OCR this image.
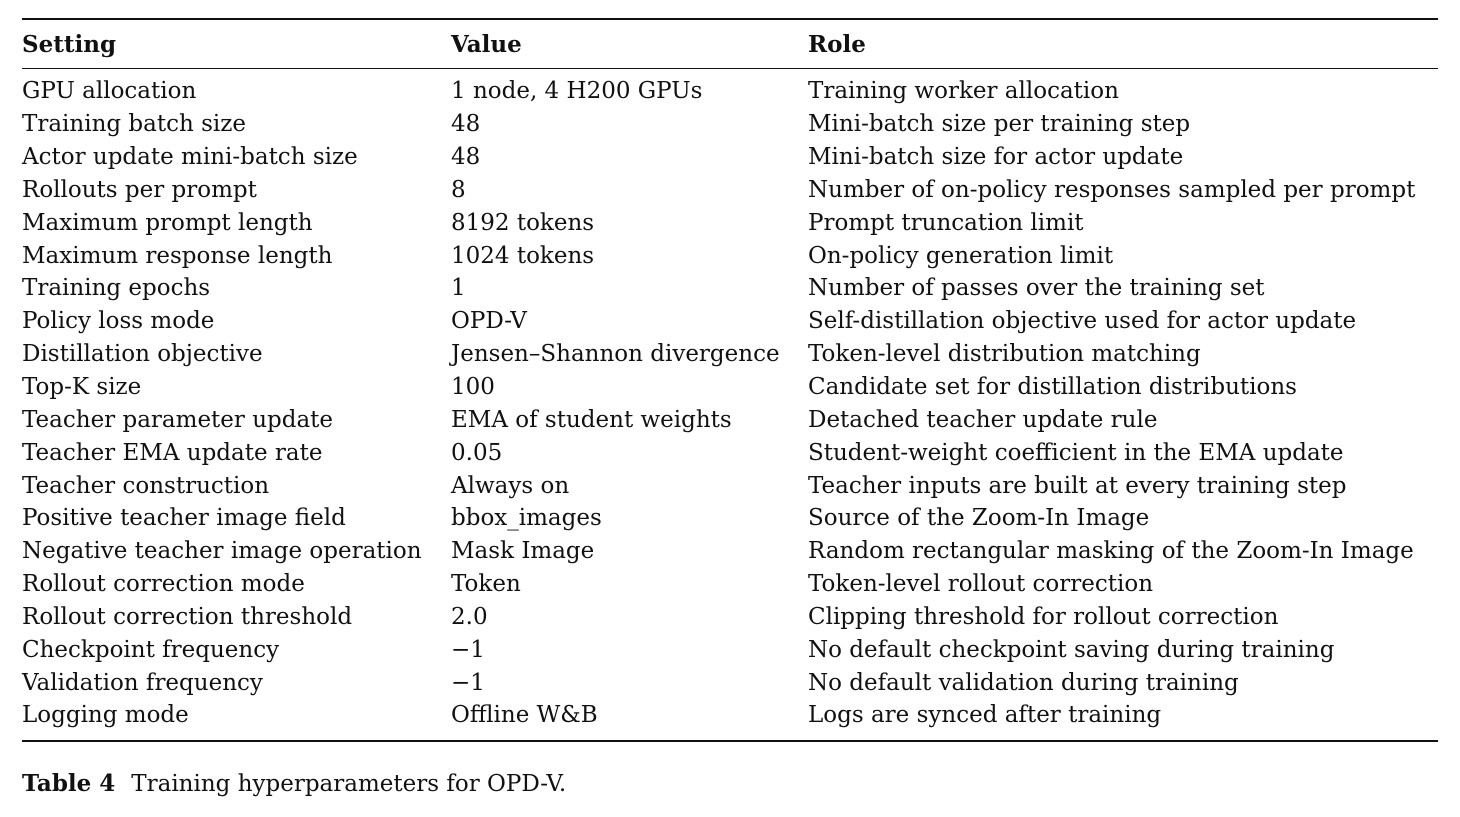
Setting	Value	Role
GPU allocation	1 node, 4 H200 GPUs	Training worker allocation
Training batch size	48	Mini-batch size per training step
Actor update mini-batch size	48	Mini-batch size for actor update
Rollouts per prompt	8	Number of on-policy responses sampled per prompt
Maximum prompt length	8192 tokens	Prompt truncation limit
Maximum response length	1024 tokens	On-policy generation limit
Training epochs	1	Number of passes over the training set
Policy loss mode	OPD-V	Self-distillation objective used for actor update
Distillation objective	Jensen–Shannon divergence	Token-level distribution matching
Top-K size	100	Candidate set for distillation distributions
Teacher parameter update	EMA of student weights	Detached teacher update rule
Teacher EMA update rate	0.05	Student-weight coefficient in the EMA update
Teacher construction	Always on	Teacher inputs are built at every training step
Positive teacher image field	bbox_images	Source of the Zoom-In Image
Negative teacher image operation	Mask Image	Random rectangular masking of the Zoom-In Image
Rollout correction mode	Token	Token-level rollout correction
Rollout correction threshold	2.0	Clipping threshold for rollout correction
Checkpoint frequency	−1	No default checkpoint saving during training
Validation frequency	−1	No default validation during training
Logging mode	Offline W&B	Logs are synced after training
Table 4 Training hyperparameters for OPD-V.
